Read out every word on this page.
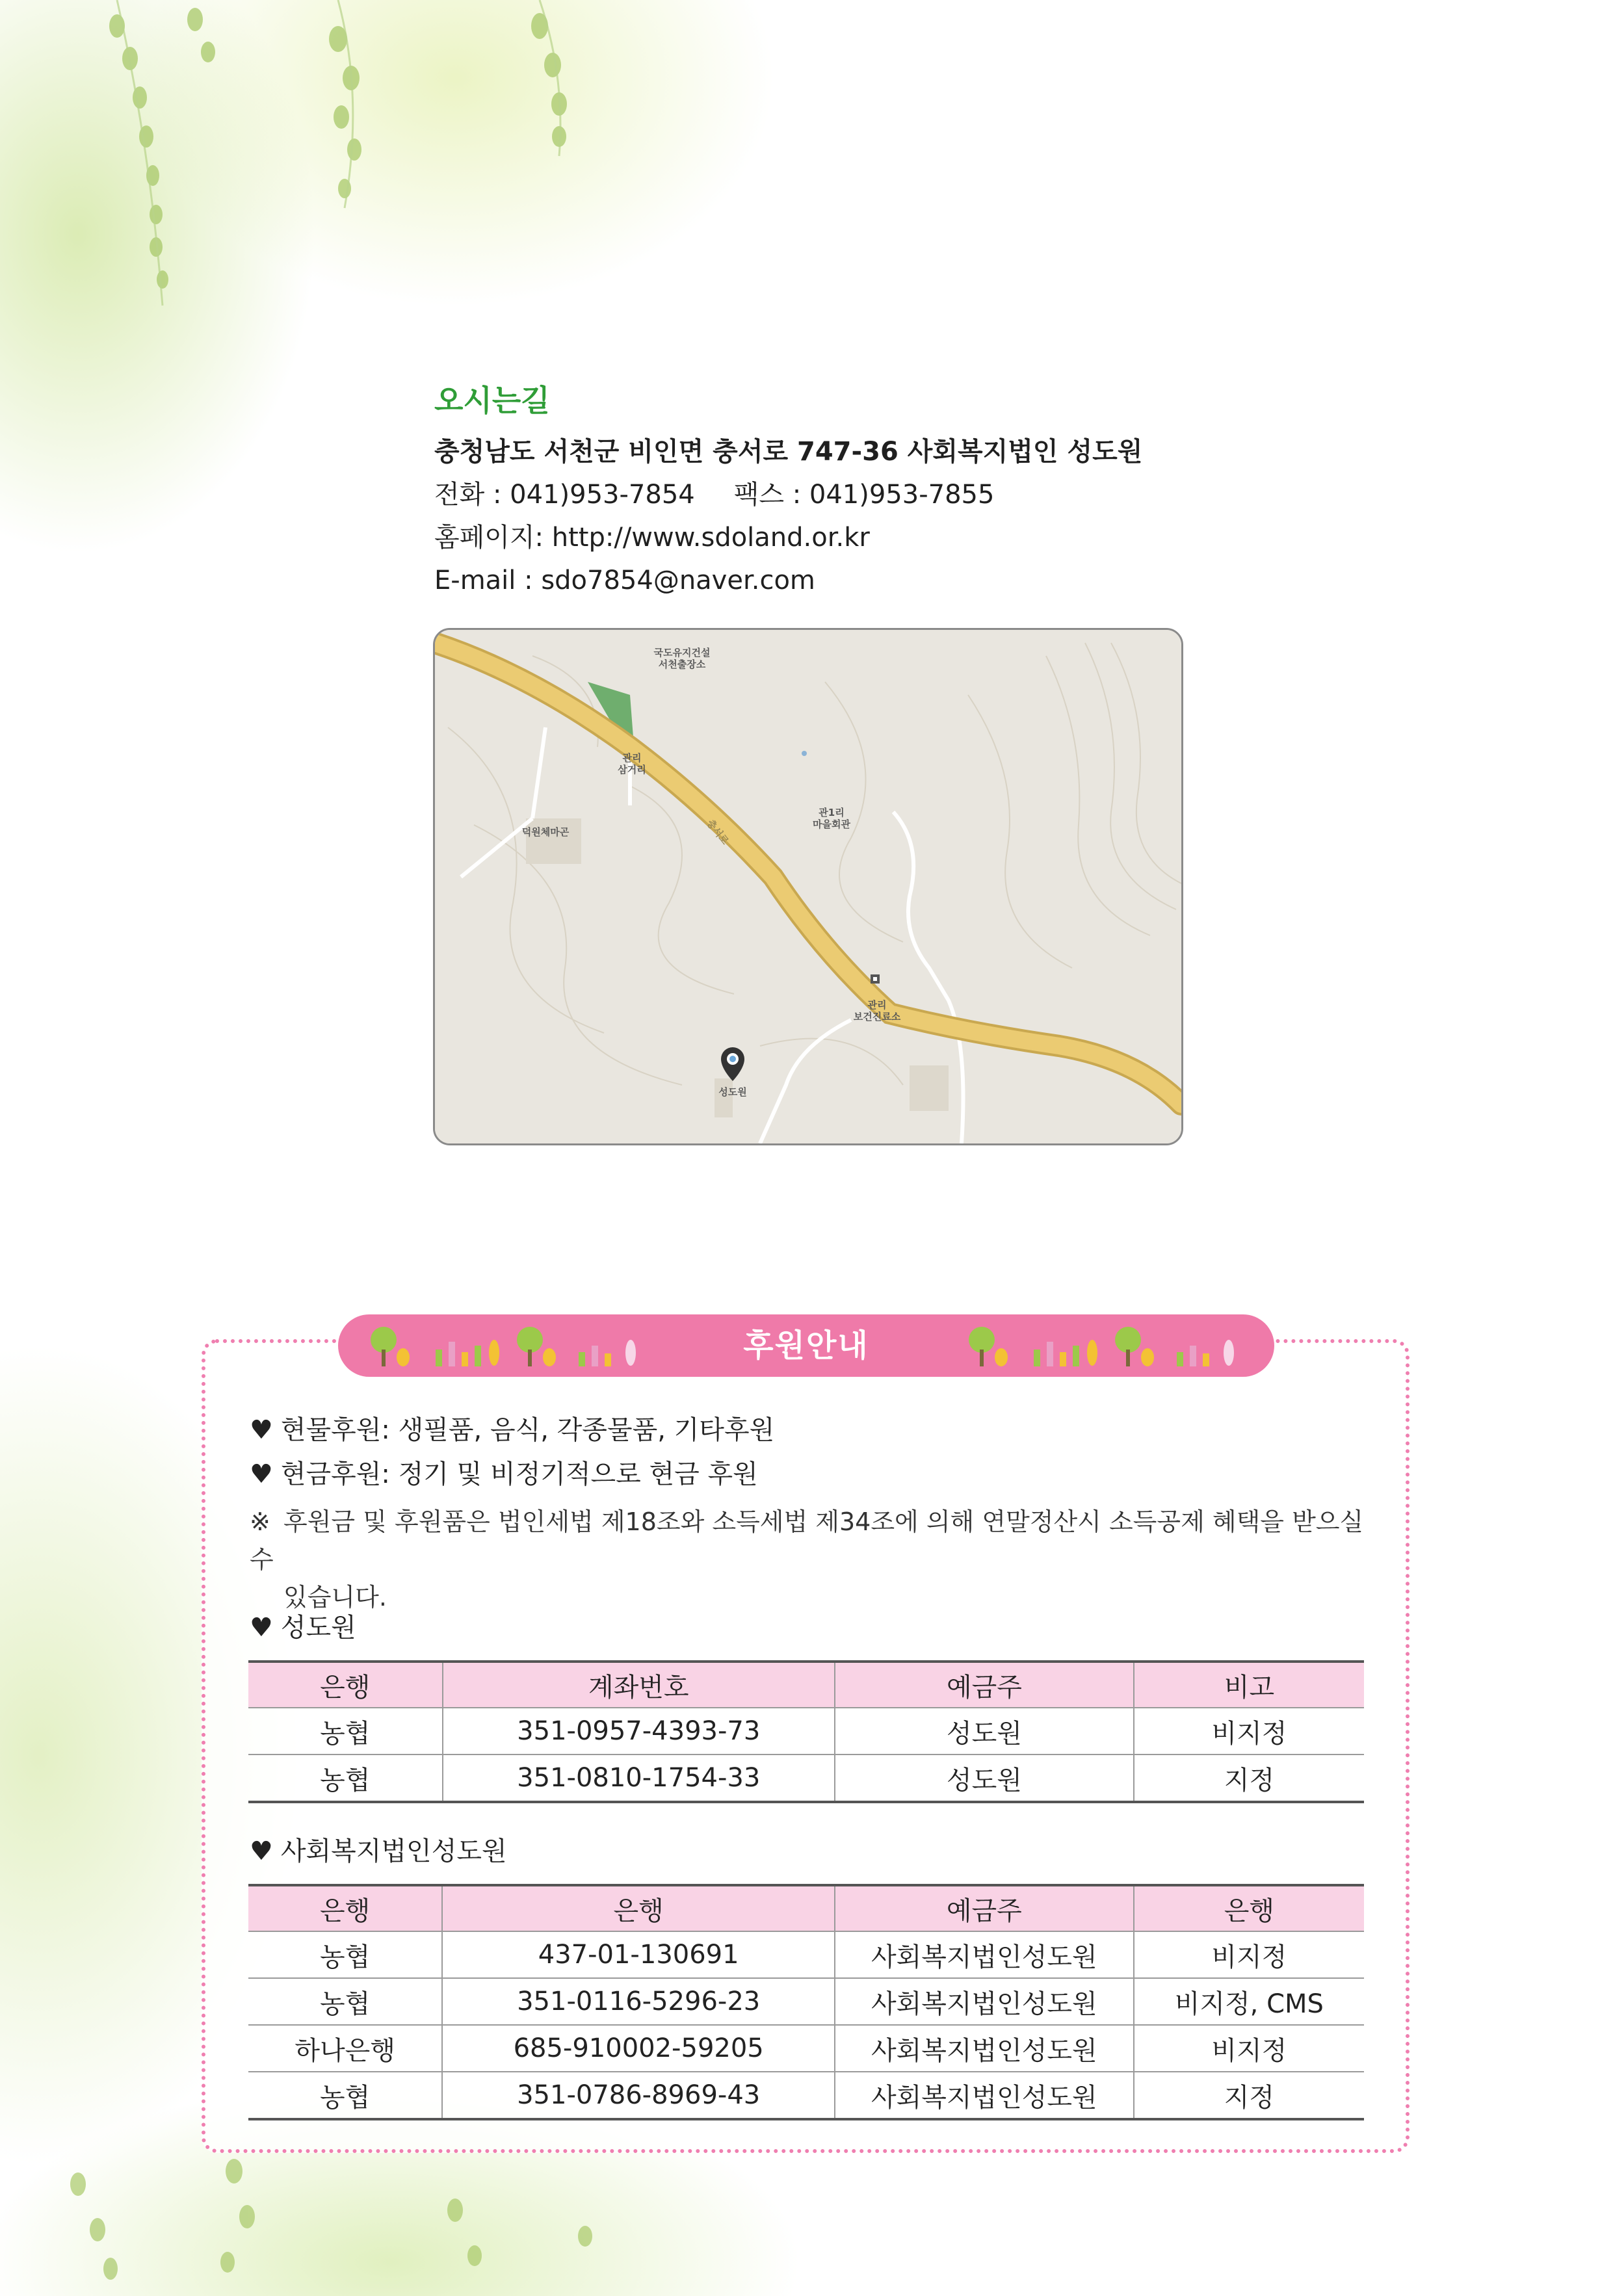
오시는길
충청남도 서천군 비인면 충서로 747-36 사회복지법인 성도원
전화 : 041)953-7854 팩스 : 041)953-7855
홈페이지: http://www.sdoland.or.kr
E-mail : sdo7854@naver.com
국도유지건설
서천출장소
관리
삼거리
관1리
마을회관
덕원체마곤	충서로
관리
보건진료소
성도원
후원안내
♥ 현물후원: 생필품, 음식, 각종물품, 기타후원
♥ 현금후원: 정기 및 비정기적으로 현금 후원
※ 후원금 및 후원품은 법인세법 제18조와 소득세법 제34조에 의해 연말정산시 소득공제 혜택을 받으실 수
있습니다.
♥ 성도원
은행	계좌번호	예금주	비고
농협	351-0957-4393-73	성도원	비지정
농협	351-0810-1754-33	성도원	지정
♥ 사회복지법인성도원
은행	은행	예금주	은행
농협	437-01-130691	사회복지법인성도원	비지정
농협	351-0116-5296-23	사회복지법인성도원	비지정, CMS
하나은행	685-910002-59205	사회복지법인성도원	비지정
농협	351-0786-8969-43	사회복지법인성도원	지정
